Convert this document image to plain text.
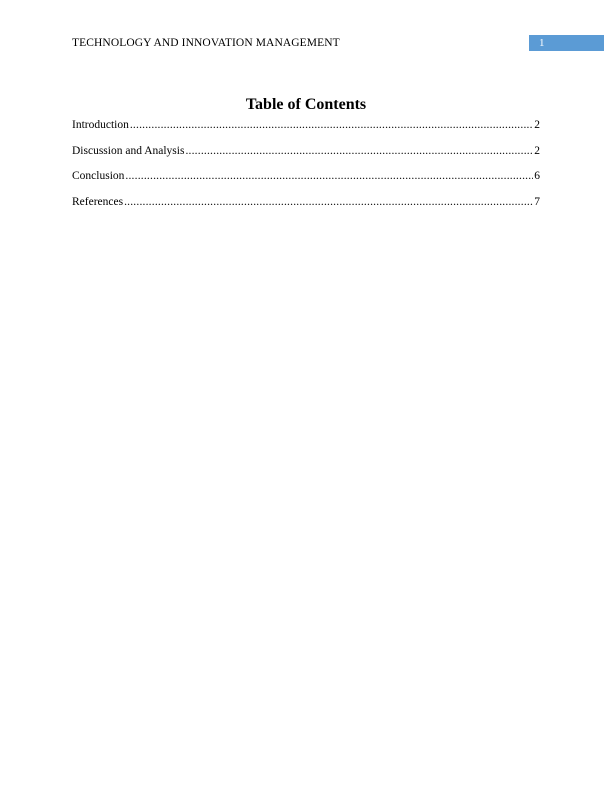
TECHNOLOGY AND INNOVATION MANAGEMENT	1
Table of Contents
Introduction .....	2
Discussion and Analysis .....	2
Conclusion .....	6
References .....	7
